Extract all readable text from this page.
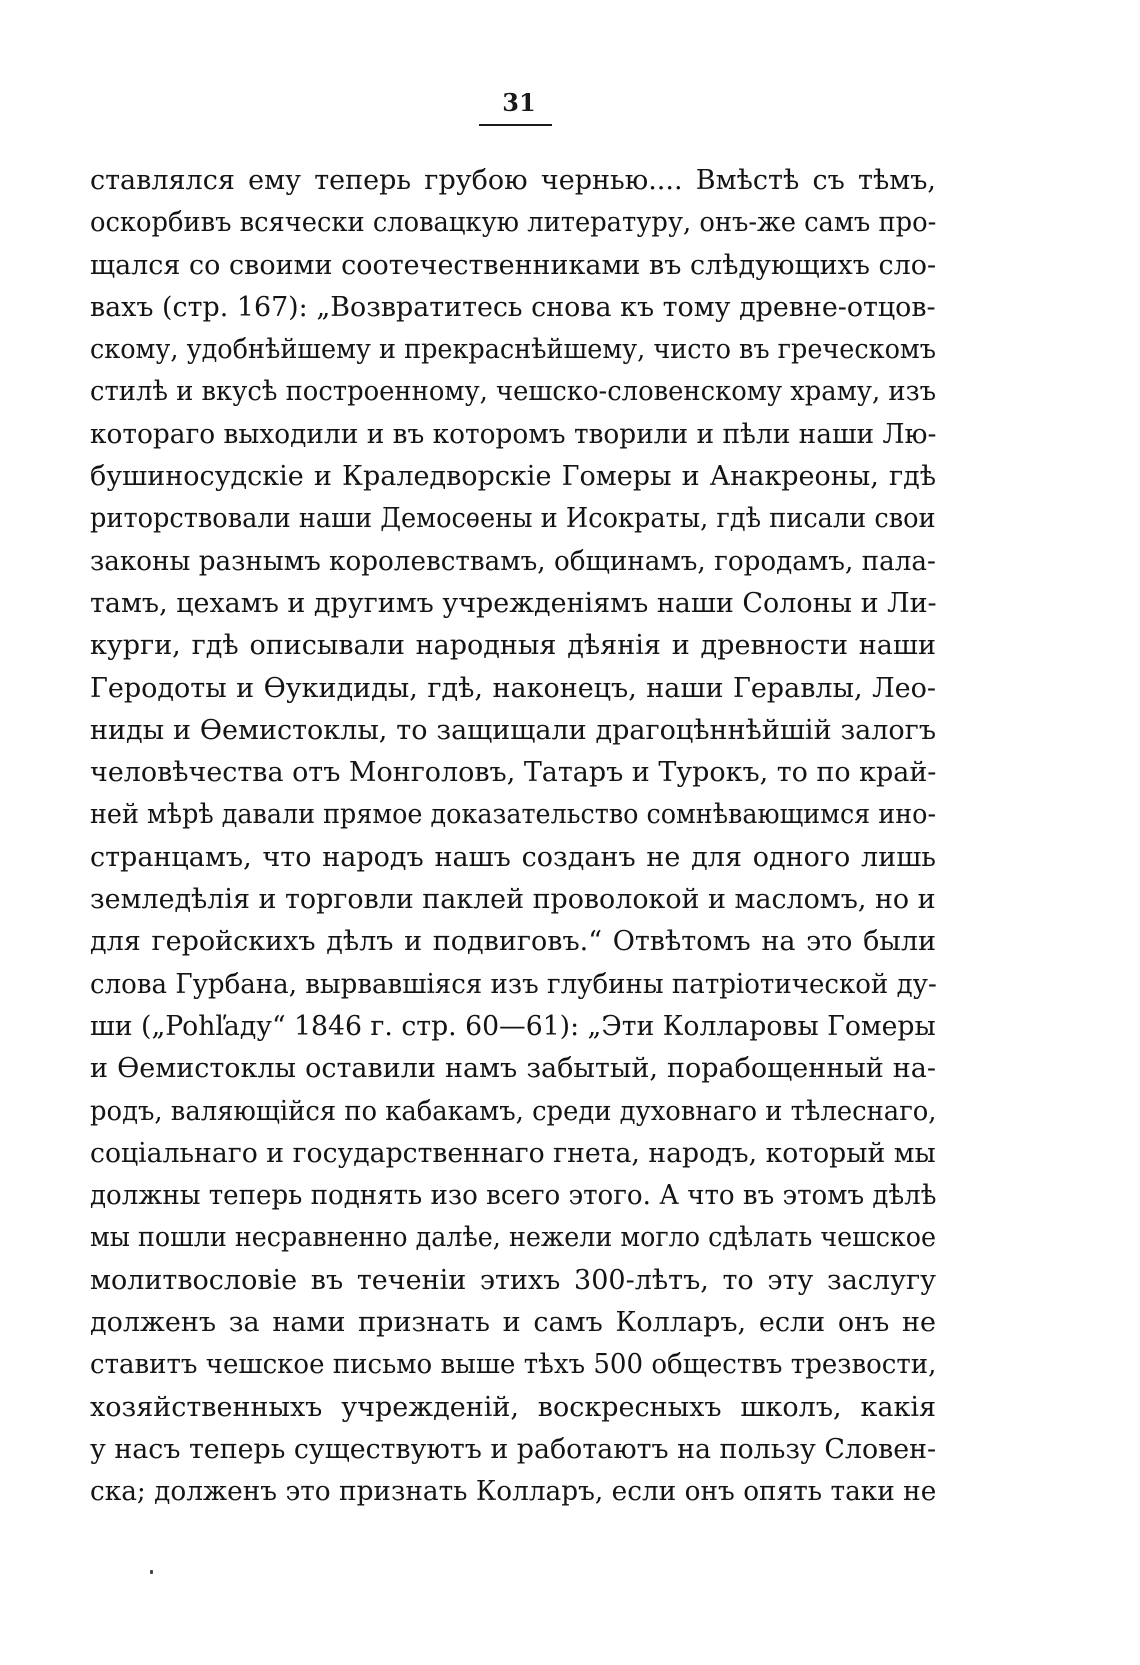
31
ставлялся ему теперь грубою чернью.... Вмѣстѣ съ тѣмъ,
оскорбивъ всячески словацкую литературу, онъ-же самъ про-
щался со своими соотечественниками въ слѣдующихъ сло-
вахъ (стр. 167): „Возвратитесь снова къ тому древне-отцов-
скому, удобнѣйшему и прекраснѣйшему, чисто въ греческомъ
стилѣ и вкусѣ построенному, чешско-словенскому храму, изъ
котораго выходили и въ которомъ творили и пѣли наши Лю-
бушиносудскіе и Краледворскіе Гомеры и Анакреоны, гдѣ
риторствовали наши Демосѳены и Исократы, гдѣ писали свои
законы разнымъ королевствамъ, общинамъ, городамъ, пала-
тамъ, цехамъ и другимъ учрежденіямъ наши Солоны и Ли-
курги, гдѣ описывали народныя дѣянія и древности наши
Геродоты и Ѳукидиды, гдѣ, наконецъ, наши Геравлы, Лео-
ниды и Ѳемистоклы, то защищали драгоцѣннѣйшій залогъ
человѣчества отъ Монголовъ, Татаръ и Турокъ, то по край-
ней мѣрѣ давали прямое доказательство сомнѣвающимся ино-
странцамъ, что народъ нашъ созданъ не для одного лишь
земледѣлія и торговли паклей проволокой и масломъ, но и
для геройскихъ дѣлъ и подвиговъ.“ Отвѣтомъ на это были
слова Гурбана, вырвавшіяся изъ глубины патріотической ду-
ши („Pohľаду“ 1846 г. стр. 60—61): „Эти Колларовы Гомеры
и Ѳемистоклы оставили намъ забытый, порабощенный на-
родъ, валяющійся по кабакамъ, среди духовнаго и тѣлеснаго,
соціальнаго и государственнаго гнета, народъ, который мы
должны теперь поднять изо всего этого. А что въ этомъ дѣлѣ
мы пошли несравненно далѣе, нежели могло сдѣлать чешское
молитвословіе въ теченіи этихъ 300-лѣтъ, то эту заслугу
долженъ за нами признать и самъ Колларъ, если онъ не
ставитъ чешское письмо выше тѣхъ 500 обществъ трезвости,
хозяйственныхъ учрежденій, воскресныхъ школъ, какія
у насъ теперь существуютъ и работаютъ на пользу Словен-
ска; долженъ это признать Колларъ, если онъ опять таки не
